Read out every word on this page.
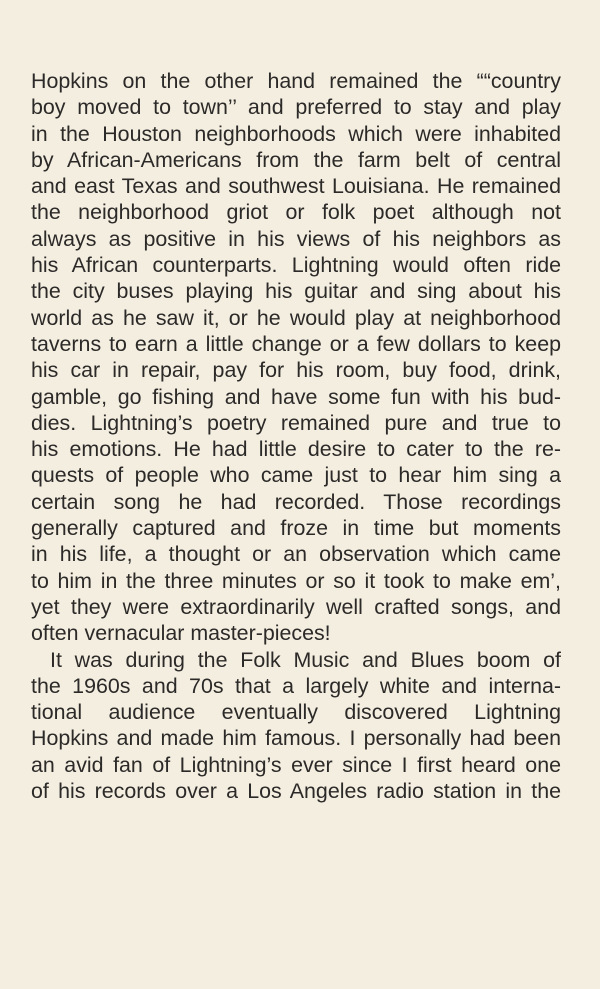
Hopkins on the other hand remained the ““country
boy moved to town’’ and preferred to stay and play
in the Houston neighborhoods which were inhabited
by African-Americans from the farm belt of central
and east Texas and southwest Louisiana. He remained
the neighborhood griot or folk poet although not
always as positive in his views of his neighbors as
his African counterparts. Lightning would often ride
the city buses playing his guitar and sing about his
world as he saw it, or he would play at neighborhood
taverns to earn a little change or a few dollars to keep
his car in repair, pay for his room, buy food, drink,
gamble, go fishing and have some fun with his bud-
dies. Lightning’s poetry remained pure and true to
his emotions. He had little desire to cater to the re-
quests of people who came just to hear him sing a
certain song he had recorded. Those recordings
generally captured and froze in time but moments
in his life, a thought or an observation which came
to him in the three minutes or so it took to make em’,
yet they were extraordinarily well crafted songs, and
often vernacular master-pieces!
It was during the Folk Music and Blues boom of
the 1960s and 70s that a largely white and interna-
tional audience eventually discovered Lightning
Hopkins and made him famous. I personally had been
an avid fan of Lightning’s ever since I first heard one
of his records over a Los Angeles radio station in the
